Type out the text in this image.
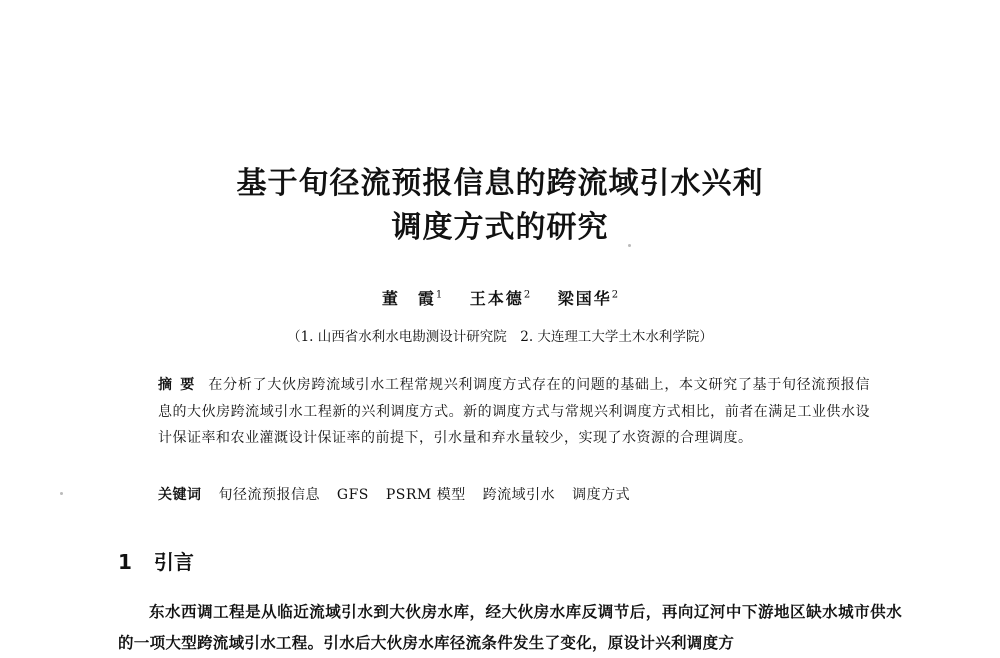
基于旬径流预报信息的跨流域引水兴利
调度方式的研究
董　霞$^1$ 王本德$^2$ 梁国华$^2$
（1. 山西省水利水电勘测设计研究院　2. 大连理工大学土木水利学院）
摘要 在分析了大伙房跨流域引水工程常规兴利调度方式存在的问题的基础上，本文研究了基于旬径流预报信息的大伙房跨流域引水工程新的兴利调度方式。新的调度方式与常规兴利调度方式相比，前者在满足工业供水设计保证率和农业灌溉设计保证率的前提下，引水量和弃水量较少，实现了水资源的合理调度。
关键词 旬径流预报信息 GFS PSRM 模型 跨流域引水 调度方式
1 引言

东水西调工程是从临近流域引水到大伙房水库，经大伙房水库反调节后，再向辽河中下游地区缺水城市供水的一项大型跨流域引水工程。引水后大伙房水库径流条件发生了变化，原设计兴利调度方
